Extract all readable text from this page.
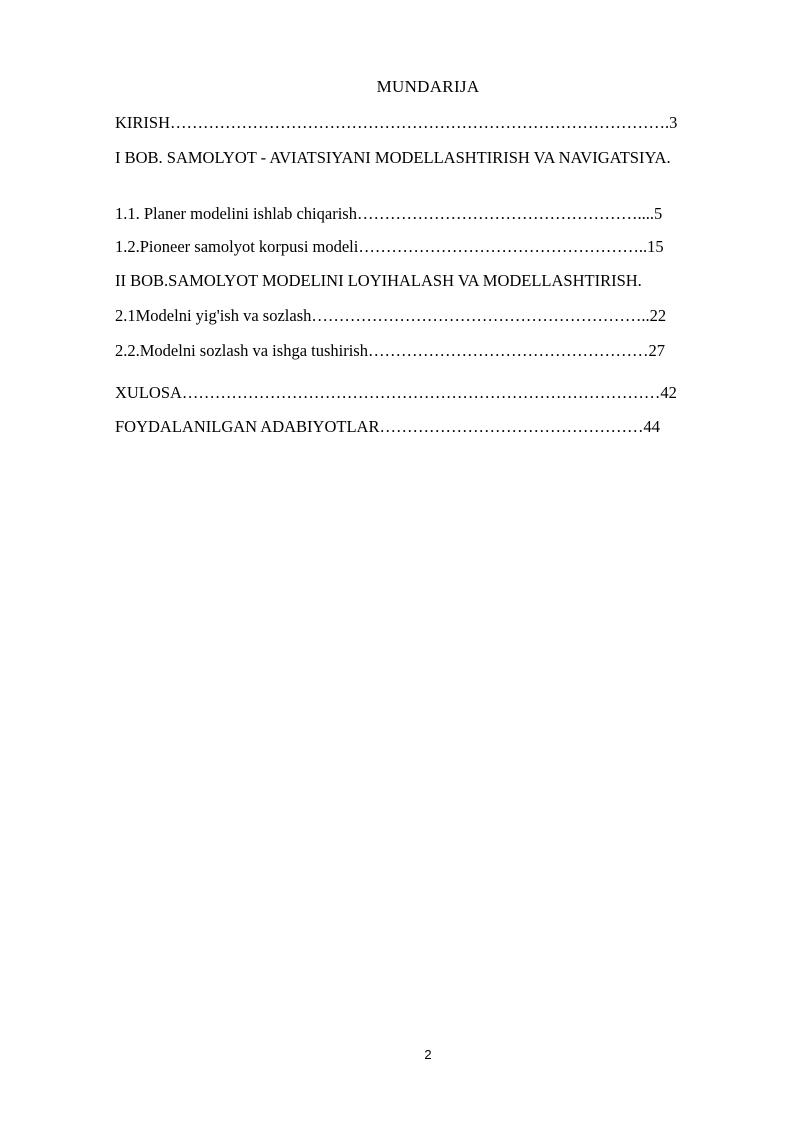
MUNDARIJA
KIRISH……………………………………………………………………………….3
I BOB. SAMOLYOT - AVIATSIYANI MODELLASHTIRISH VA NAVIGATSIYA.
1.1. Planer modelini ishlab chiqarish……………………………………………....5
1.2.Pioneer samolyot korpusi modeli……………………………………………..15
II BOB.SAMOLYOT MODELINI LOYIHALASH VA MODELLASHTIRISH.
2.1Modelni yig'ish va sozlash……………………………………………………..22
2.2.Modelni sozlash va ishga tushirish……………………………………………27
XULOSA……………………………………………………………………………42
FOYDALANILGAN ADABIYOTLAR…………………………………………44
2
